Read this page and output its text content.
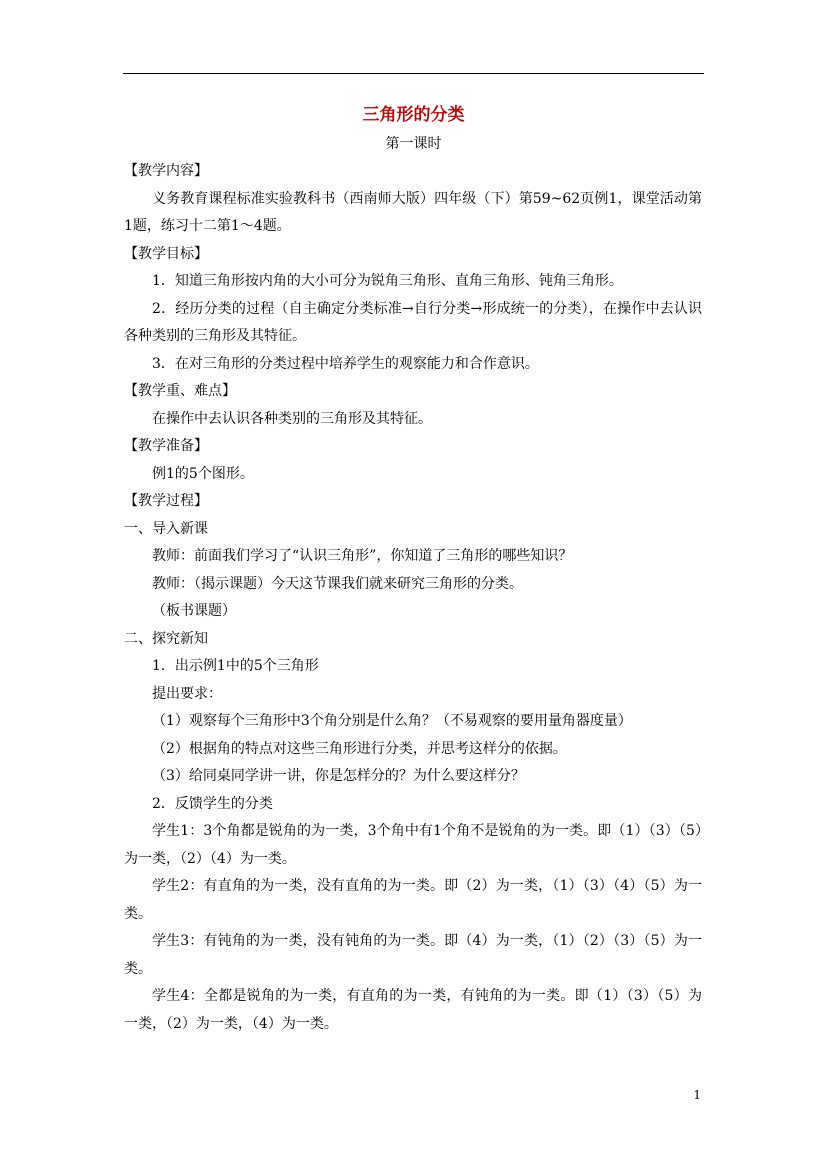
三角形的分类

第一课时

【教学内容】

义务教育课程标准实验教科书（西南师大版）四年级（下）第59~62页例1，课堂活动第1题，练习十二第1～4题。

【教学目标】

1．知道三角形按内角的大小可分为锐角三角形、直角三角形、钝角三角形。

2．经历分类的过程（自主确定分类标准→自行分类→形成统一的分类），在操作中去认识各种类别的三角形及其特征。

3．在对三角形的分类过程中培养学生的观察能力和合作意识。

【教学重、难点】

在操作中去认识各种类别的三角形及其特征。

【教学准备】

例1的5个图形。

【教学过程】

一、导入新课

教师：前面我们学习了“认识三角形”，你知道了三角形的哪些知识？

教师：（揭示课题）今天这节课我们就来研究三角形的分类。

（板书课题）

二、探究新知

1．出示例1中的5个三角形

提出要求：

（1）观察每个三角形中3个角分别是什么角？（不易观察的要用量角器度量）

（2）根据角的特点对这些三角形进行分类，并思考这样分的依据。

（3）给同桌同学讲一讲，你是怎样分的？为什么要这样分？

2．反馈学生的分类

学生1：3个角都是锐角的为一类，3个角中有1个角不是锐角的为一类。即（1）（3）（5）为一类，（2）（4）为一类。

学生2：有直角的为一类，没有直角的为一类。即（2）为一类，（1）（3）（4）（5）为一类。

学生3：有钝角的为一类，没有钝角的为一类。即（4）为一类，（1）（2）（3）（5）为一类。

学生4：全都是锐角的为一类，有直角的为一类，有钝角的为一类。即（1）（3）（5）为一类，（2）为一类，（4）为一类。

1
